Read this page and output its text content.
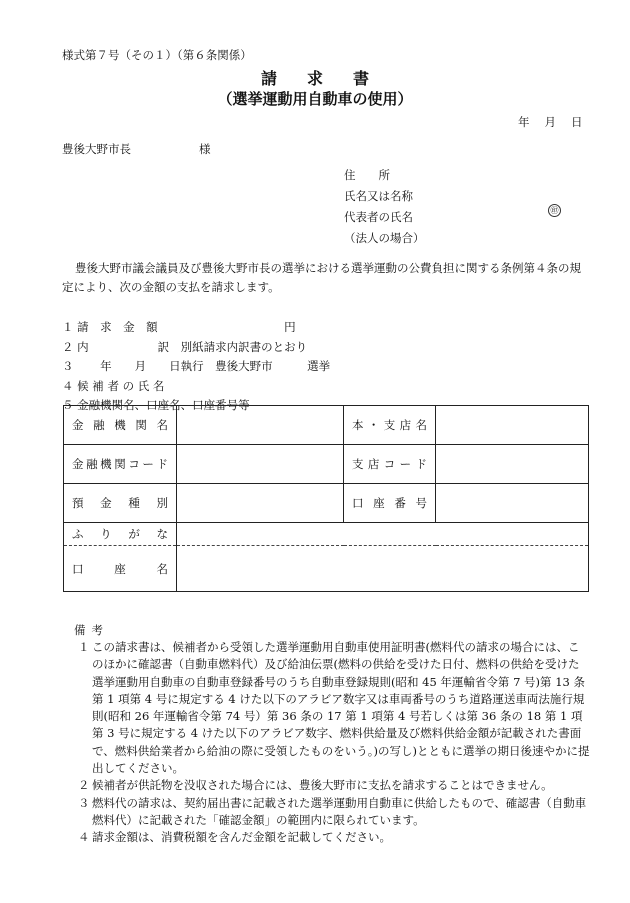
様式第７号（その１）（第６条関係）
請求書
（選挙運動用自動車の使用）
年 月 日
豊後大野市長	様
住　　所
氏名又は名称
代表者の氏名
（法人の場合）
㊞
豊後大野市議会議員及び豊後大野市長の選挙における選挙運動の公費負担に関する条例第４条の規定により、次の金額の支払を請求します。
１ 請　求　金　額　　　　　　　　　　　円
２ 内　　　　　　訳　別紙請求内訳書のとおり
３ 　　年　　月　　日執行　豊後大野市　　　選挙
４ 候 補 者 の 氏 名
５ 金融機関名、口座名、口座番号等
金融機関名		本・支店名	
金融機関コード		支店コード	
預金種別		口座番号	
ふりがな			
口座名			
備考
１ この請求書は、候補者から受領した選挙運動用自動車使用証明書(燃料代の請求の場合には、このほかに確認書（自動車燃料代）及び給油伝票(燃料の供給を受けた日付、燃料の供給を受けた選挙運動用自動車の自動車登録番号のうち自動車登録規則(昭和 45 年運輸省令第 7 号)第 13 条第 1 項第 4 号に規定する 4 けた以下のアラビア数字又は車両番号のうち道路運送車両法施行規則(昭和 26 年運輸省令第 74 号）第 36 条の 17 第 1 項第 4 号若しくは第 36 条の 18 第 1 項第 3 号に規定する 4 けた以下のアラビア数字、燃料供給量及び燃料供給金額が記載された書面で、燃料供給業者から給油の際に受領したものをいう。)の写し)とともに選挙の期日後速やかに提出してください。
２ 候補者が供託物を没収された場合には、豊後大野市に支払を請求することはできません。
３ 燃料代の請求は、契約届出書に記載された選挙運動用自動車に供給したもので、確認書（自動車燃料代）に記載された「確認金額」の範囲内に限られています。
４ 請求金額は、消費税額を含んだ金額を記載してください。
